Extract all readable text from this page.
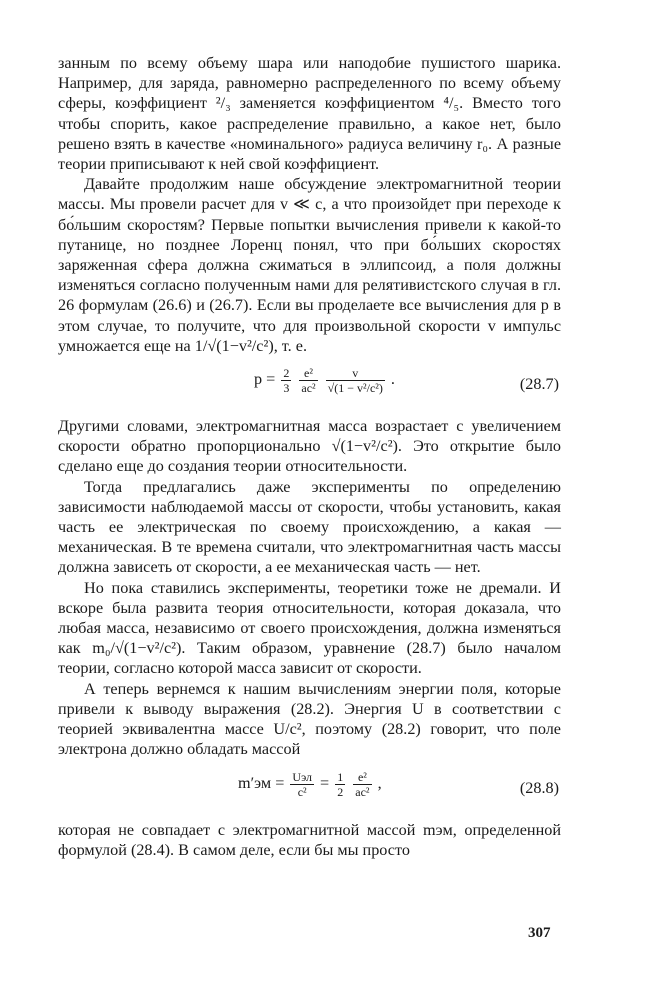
занным по всему объему шара или наподобие пушистого шарика. Например, для заряда, равномерно распределенного по всему объему сферы, коэффициент ²/₃ заменяется коэффициентом ⁴/₅. Вместо того чтобы спорить, какое распределение правильно, а какое нет, было решено взять в качестве «номинального» радиуса величину r₀. А разные теории приписывают к ней свой коэффициент.

Давайте продолжим наше обсуждение электромагнитной теории массы. Мы провели расчет для v ≪ c, а что произойдет при переходе к бо́льшим скоростям? Первые попытки вычисления привели к какой-то путанице, но позднее Лоренц понял, что при бо́льших скоростях заряженная сфера должна сжиматься в эллипсоид, а поля должны изменяться согласно полученным нами для релятивистского случая в гл. 26 формулам (26.6) и (26.7). Если вы проделаете все вычисления для p в этом случае, то получите, что для произвольной скорости v импульс умножается еще на 1/√(1−v²/c²), т. е.

$p = \frac{2}{3}$
$\frac{\text{e²}}{\text{ac²}}$
$\frac{v}{\text{√(1 − v²/c²)}}$ .	(28.7)

Другими словами, электромагнитная масса возрастает с увеличением скорости обратно пропорционально √(1−v²/c²). Это открытие было сделано еще до создания теории относительности.

Тогда предлагались даже эксперименты по определению зависимости наблюдаемой массы от скорости, чтобы установить, какая часть ее электрическая по своему происхождению, а какая — механическая. В те времена считали, что электромагнитная часть массы должна зависеть от скорости, а ее механическая часть — нет.

Но пока ставились эксперименты, теоретики тоже не дремали. И вскоре была развита теория относительности, которая доказала, что любая масса, независимо от своего происхождения, должна изменяться как m₀/√(1−v²/c²). Таким образом, уравнение (28.7) было началом теории, согласно которой масса зависит от скорости.

А теперь вернемся к нашим вычислениям энергии поля, которые привели к выводу выражения (28.2). Энергия U в соответствии с теорией эквивалентна массе U/c², поэтому (28.2) говорит, что поле электрона должно обладать массой

$m'эм = \frac{\text{Uэл}}{\text{c²}} = \frac{1}{2}$
$\frac{\text{e²}}{\text{ac²}}$ ,	(28.8)

которая не совпадает с электромагнитной массой mэм, определенной формулой (28.4). В самом деле, если бы мы просто

307
